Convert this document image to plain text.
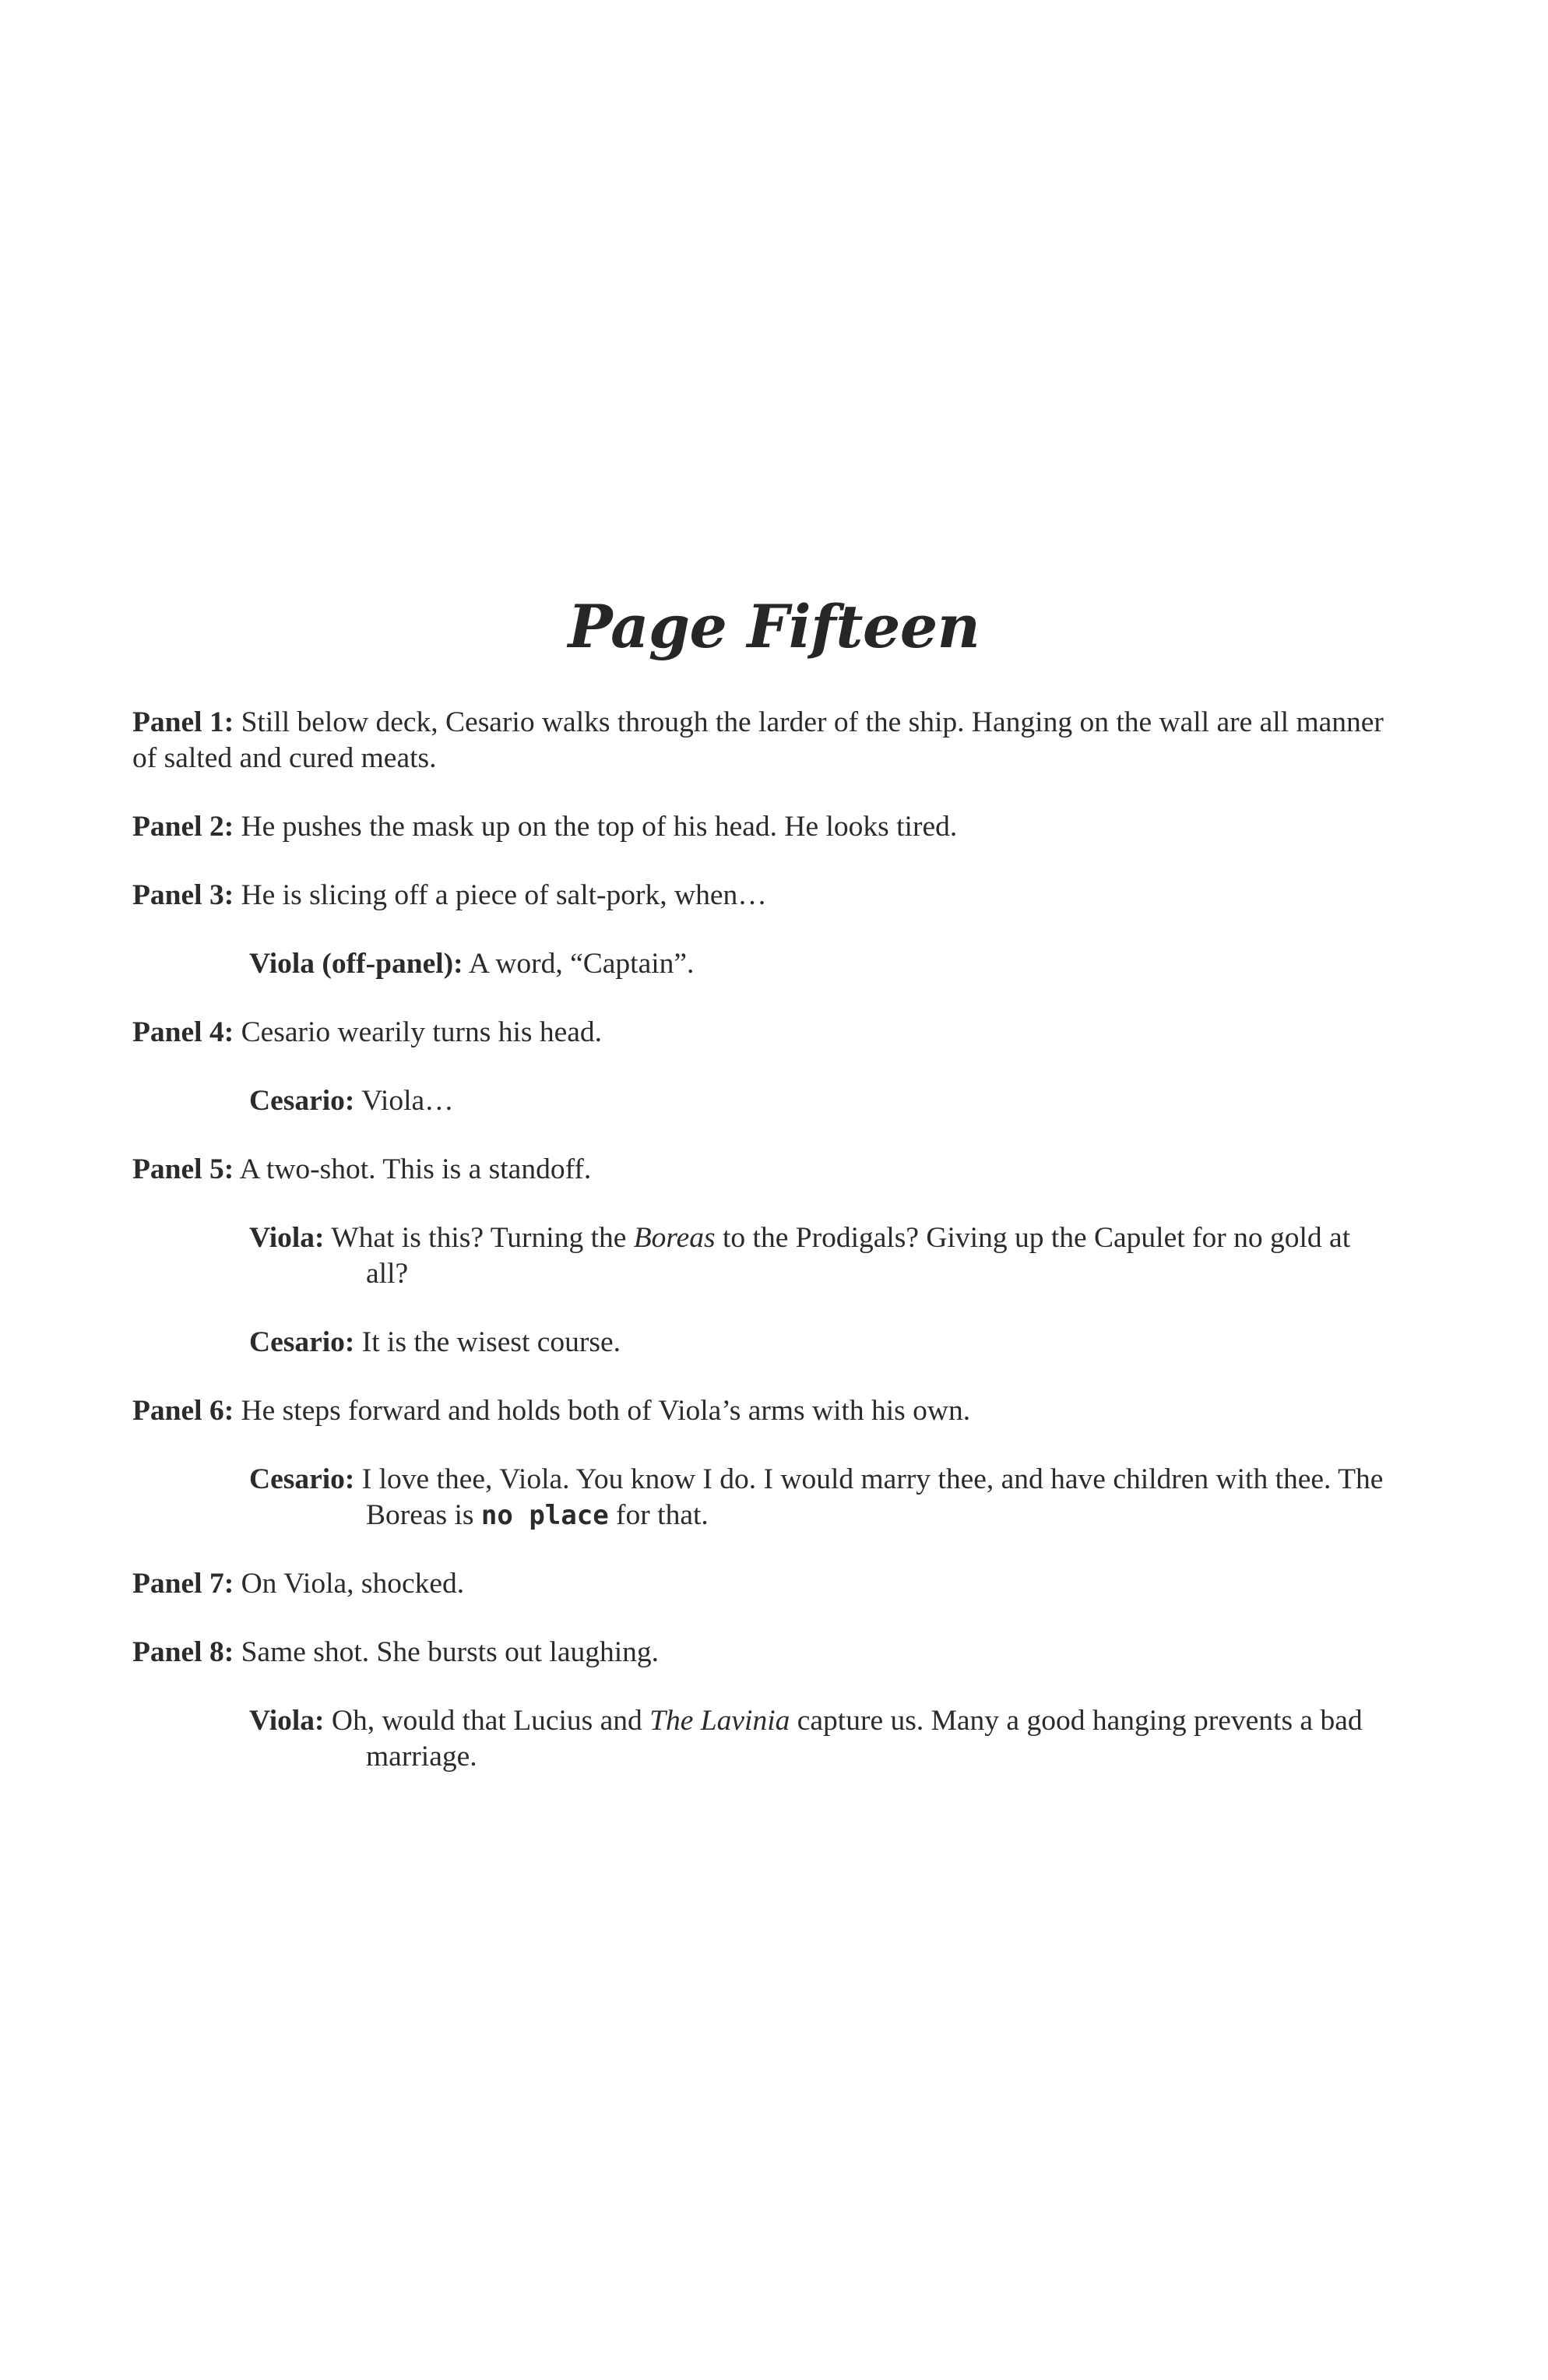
Page Fifteen

Panel 1: Still below deck, Cesario walks through the larder of the ship. Hanging on the wall are all manner of salted and cured meats.

Panel 2: He pushes the mask up on the top of his head. He looks tired.

Panel 3: He is slicing off a piece of salt-pork, when…

Viola (off-panel): A word, “Captain”.

Panel 4: Cesario wearily turns his head.

Cesario: Viola…

Panel 5: A two-shot. This is a standoff.

Viola: What is this? Turning the Boreas to the Prodigals? Giving up the Capulet for no gold at all?

Cesario: It is the wisest course.

Panel 6: He steps forward and holds both of Viola’s arms with his own.

Cesario: I love thee, Viola. You know I do. I would marry thee, and have children with thee. The Boreas is no place for that.

Panel 7: On Viola, shocked.

Panel 8: Same shot. She bursts out laughing.

Viola: Oh, would that Lucius and The Lavinia capture us. Many a good hanging prevents a bad marriage.
